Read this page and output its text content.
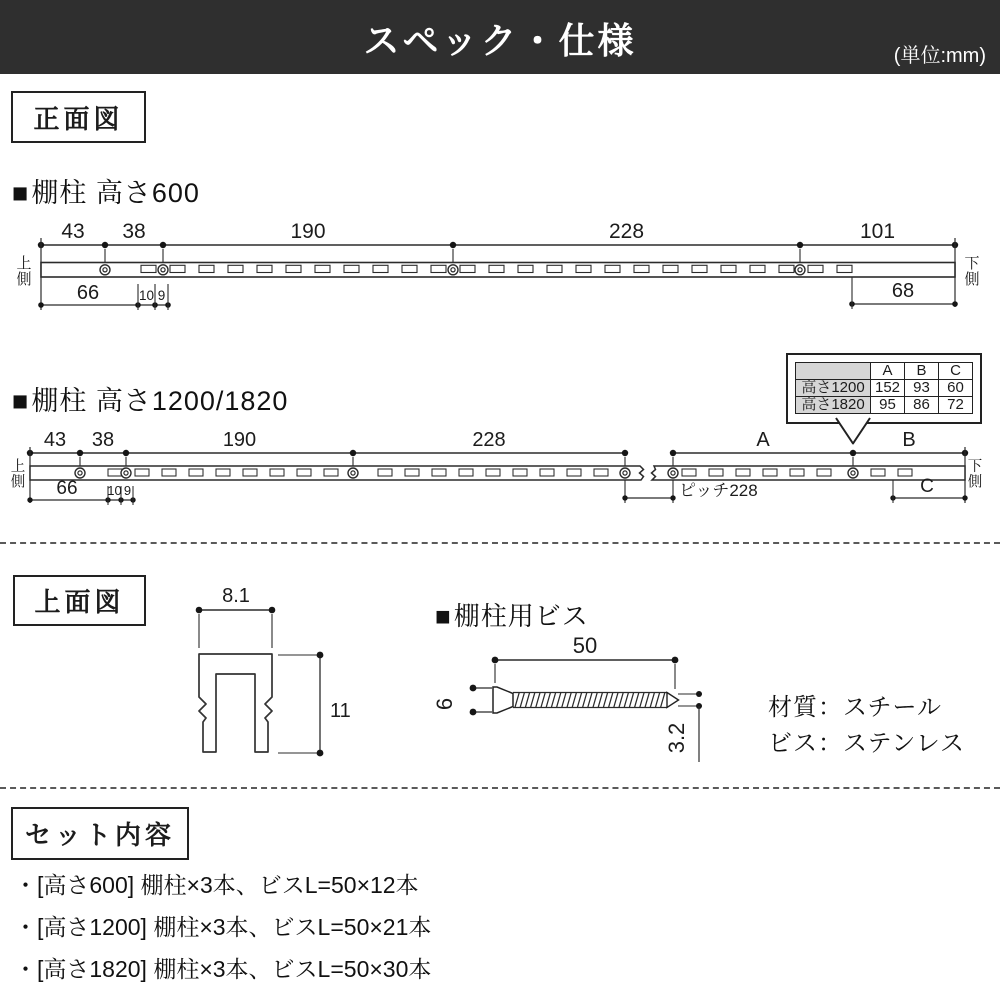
スペック・仕様	(単位:mm)
正面図
■棚柱 高さ600
43 38	190	228	101
66	10 9	68
上
側
下
側
■棚柱 高さ1200/1820
	A	B	C
高さ1200	152	93	60
高さ1820	95	86	72
43 38	190	228	A	B
66 10 9	ピッチ228	C
上
側
下
側
上面図	8.1
11
■棚柱用ビス
50
6
3.2
材質：スチール
ビス：ステンレス
セット内容
・[高さ600] 棚柱×3本、ビスL=50×12本
・[高さ1200] 棚柱×3本、ビスL=50×21本
・[高さ1820] 棚柱×3本、ビスL=50×30本
